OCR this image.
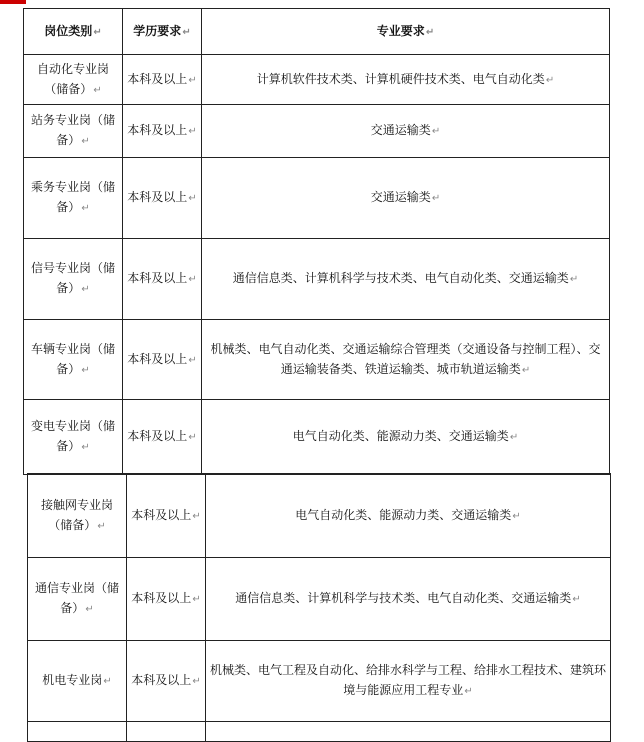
岗位类别↵	学历要求↵	专业要求↵
自动化专业岗（储备）↵	本科及以上↵	计算机软件技术类、计算机硬件技术类、电气自动化类↵
站务专业岗（储备）↵	本科及以上↵	交通运输类↵
乘务专业岗（储备）↵	本科及以上↵	交通运输类↵
信号专业岗（储备）↵	本科及以上↵	通信信息类、计算机科学与技术类、电气自动化类、交通运输类↵
车辆专业岗（储备）↵	本科及以上↵	机械类、电气自动化类、交通运输综合管理类（交通设备与控制工程）、交通运输装备类、铁道运输类、城市轨道运输类↵
变电专业岗（储备）↵	本科及以上↵	电气自动化类、能源动力类、交通运输类↵
接触网专业岗（储备）↵	本科及以上↵	电气自动化类、能源动力类、交通运输类↵
通信专业岗（储备）↵	本科及以上↵	通信信息类、计算机科学与技术类、电气自动化类、交通运输类↵
机电专业岗↵	本科及以上↵	机械类、电气工程及自动化、给排水科学与工程、给排水工程技术、建筑环境与能源应用工程专业↵
